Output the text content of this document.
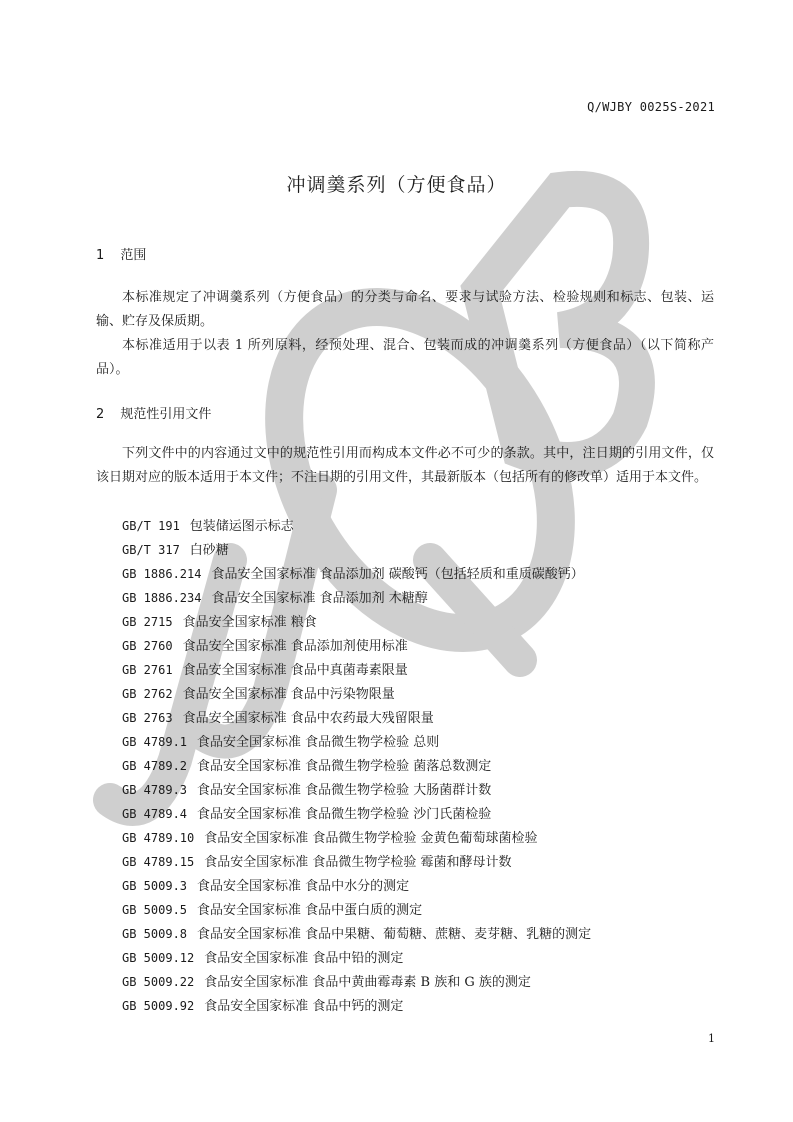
Q/WJBY 0025S-2021
冲调羹系列（方便食品）
1 范围

本标准规定了冲调羹系列（方便食品）的分类与命名、要求与试验方法、检验规则和标志、包装、运输、贮存及保质期。

本标准适用于以表 1 所列原料，经预处理、混合、包装而成的冲调羹系列（方便食品）（以下简称产品）。

2 规范性引用文件

下列文件中的内容通过文中的规范性引用而构成本文件必不可少的条款。其中，注日期的引用文件，仅该日期对应的版本适用于本文件；不注日期的引用文件，其最新版本（包括所有的修改单）适用于本文件。

GB/T 191 包装储运图示标志
GB/T 317 白砂糖
GB 1886.214 食品安全国家标准 食品添加剂 碳酸钙（包括轻质和重质碳酸钙）
GB 1886.234 食品安全国家标准 食品添加剂 木糖醇
GB 2715 食品安全国家标准 粮食
GB 2760 食品安全国家标准 食品添加剂使用标准
GB 2761 食品安全国家标准 食品中真菌毒素限量
GB 2762 食品安全国家标准 食品中污染物限量
GB 2763 食品安全国家标准 食品中农药最大残留限量
GB 4789.1 食品安全国家标准 食品微生物学检验 总则
GB 4789.2 食品安全国家标准 食品微生物学检验 菌落总数测定
GB 4789.3 食品安全国家标准 食品微生物学检验 大肠菌群计数
GB 4789.4 食品安全国家标准 食品微生物学检验 沙门氏菌检验
GB 4789.10 食品安全国家标准 食品微生物学检验 金黄色葡萄球菌检验
GB 4789.15 食品安全国家标准 食品微生物学检验 霉菌和酵母计数
GB 5009.3 食品安全国家标准 食品中水分的测定
GB 5009.5 食品安全国家标准 食品中蛋白质的测定
GB 5009.8 食品安全国家标准 食品中果糖、葡萄糖、蔗糖、麦芽糖、乳糖的测定
GB 5009.12 食品安全国家标准 食品中铅的测定
GB 5009.22 食品安全国家标准 食品中黄曲霉毒素 B 族和 G 族的测定
GB 5009.92 食品安全国家标准 食品中钙的测定
1
